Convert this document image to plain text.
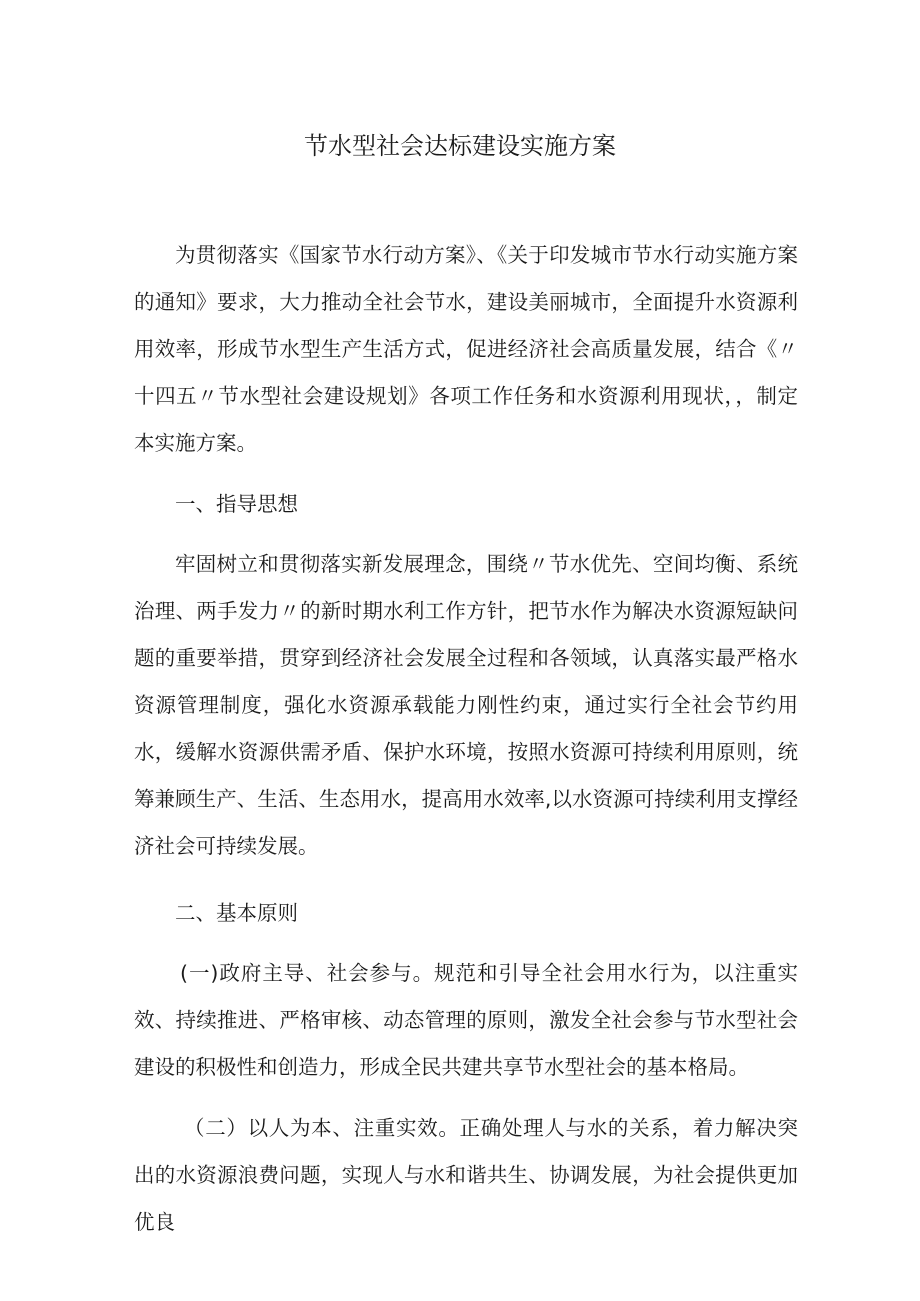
节水型社会达标建设实施方案

为贯彻落实《国家节水行动方案》、《关于印发城市节水行动实施方案的通知》要求，大力推动全社会节水，建设美丽城市，全面提升水资源利用效率，形成节水型生产生活方式，促进经济社会高质量发展，结合《〃十四五〃节水型社会建设规划》各项工作任务和水资源利用现状，，制定本实施方案。

一、指导思想

牢固树立和贯彻落实新发展理念，围绕〃节水优先、空间均衡、系统治理、两手发力〃的新时期水利工作方针，把节水作为解决水资源短缺问题的重要举措，贯穿到经济社会发展全过程和各领域，认真落实最严格水资源管理制度，强化水资源承载能力刚性约束，通过实行全社会节约用水，缓解水资源供需矛盾、保护水环境，按照水资源可持续利用原则，统筹兼顾生产、生活、生态用水，提高用水效率,以水资源可持续利用支撑经济社会可持续发展。

二、基本原则

(一)政府主导、社会参与。规范和引导全社会用水行为，以注重实效、持续推进、严格审核、动态管理的原则，激发全社会参与节水型社会建设的积极性和创造力，形成全民共建共享节水型社会的基本格局。

（二）以人为本、注重实效。正确处理人与水的关系，着力解决突出的水资源浪费问题，实现人与水和谐共生、协调发展，为社会提供更加优良
